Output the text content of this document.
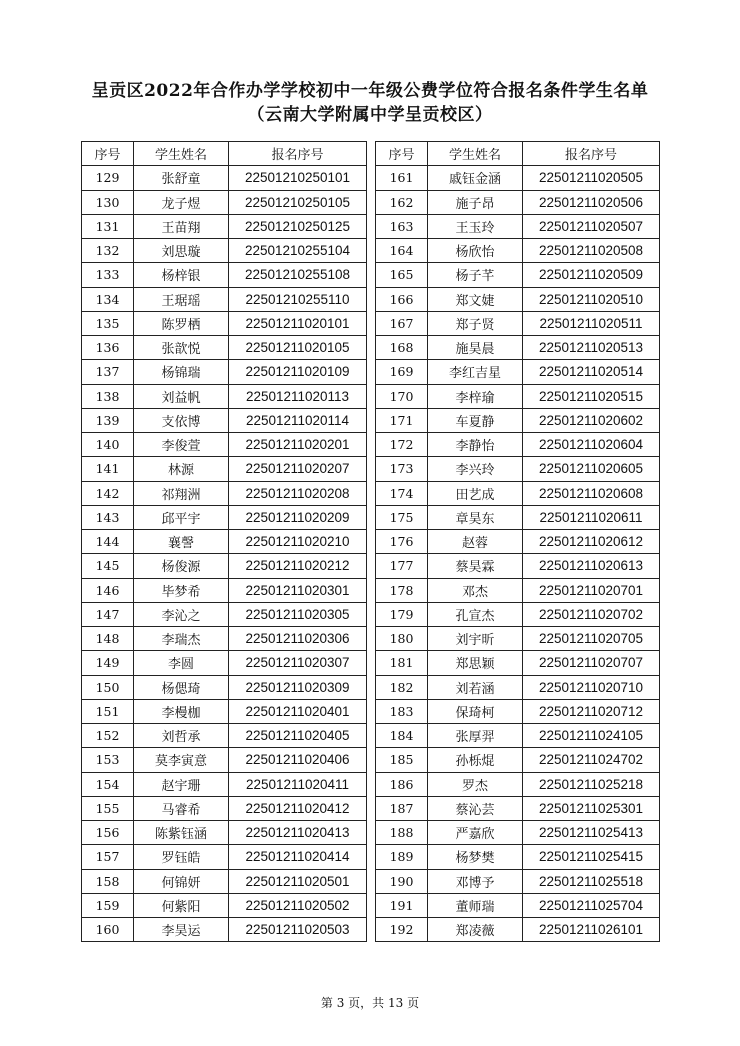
呈贡区2022年合作办学学校初中一年级公费学位符合报名条件学生名单
（云南大学附属中学呈贡校区）
序号	学生姓名	报名序号
129	张舒童	22501210250101
130	龙子煜	22501210250105
131	王苗翔	22501210250125
132	刘思璇	22501210255104
133	杨梓银	22501210255108
134	王琚瑶	22501210255110
135	陈罗栖	22501211020101
136	张歆悦	22501211020105
137	杨锦瑞	22501211020109
138	刘益帆	22501211020113
139	支依博	22501211020114
140	李俊萱	22501211020201
141	林源	22501211020207
142	祁翔洲	22501211020208
143	邱平宇	22501211020209
144	襄謦	22501211020210
145	杨俊源	22501211020212
146	毕梦希	22501211020301
147	李沁之	22501211020305
148	李瑞杰	22501211020306
149	李圆	22501211020307
150	杨偲琦	22501211020309
151	李槾枷	22501211020401
152	刘哲承	22501211020405
153	莫李寅意	22501211020406
154	赵宇珊	22501211020411
155	马睿希	22501211020412
156	陈紫钰涵	22501211020413
157	罗钰皓	22501211020414
158	何锦妍	22501211020501
159	何紫阳	22501211020502
160	李昊运	22501211020503
序号	学生姓名	报名序号
161	戚钰金涵	22501211020505
162	施子昂	22501211020506
163	王玉玲	22501211020507
164	杨欣怡	22501211020508
165	杨子芊	22501211020509
166	郑文婕	22501211020510
167	郑子贤	22501211020511
168	施昊晨	22501211020513
169	李红吉星	22501211020514
170	李梓瑜	22501211020515
171	车夏静	22501211020602
172	李静怡	22501211020604
173	李兴玲	22501211020605
174	田艺成	22501211020608
175	章昊东	22501211020611
176	赵蓉	22501211020612
177	蔡昊霖	22501211020613
178	邓杰	22501211020701
179	孔宣杰	22501211020702
180	刘宇昕	22501211020705
181	郑思颖	22501211020707
182	刘若涵	22501211020710
183	保琦柯	22501211020712
184	张厚羿	22501211024105
185	孙栎焜	22501211024702
186	罗杰	22501211025218
187	蔡沁芸	22501211025301
188	严嘉欣	22501211025413
189	杨梦樊	22501211025415
190	邓博予	22501211025518
191	董师瑞	22501211025704
192	郑凌薇	22501211026101
第 3 页，共 13 页
